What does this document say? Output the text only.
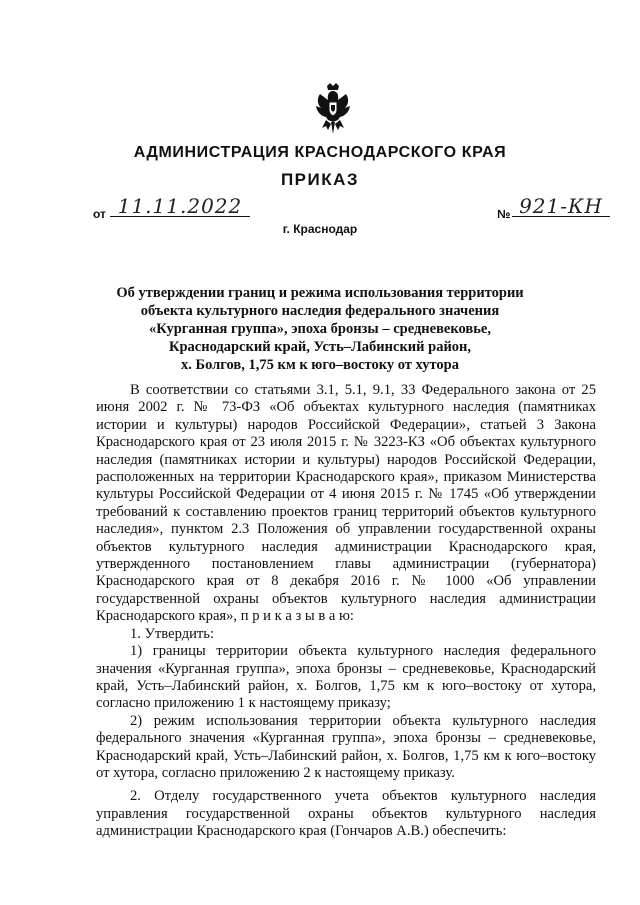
АДМИНИСТРАЦИЯ КРАСНОДАРСКОГО КРАЯ
ПРИКАЗ
от 11.11.2022	№ 921-КН
г. Краснодар
Об утверждении границ и режима использования территории
объекта культурного наследия федерального значения
«Курганная группа», эпоха бронзы – средневековье,
Краснодарский край, Усть–Лабинский район,
х. Болгов, 1,75 км к юго–востоку от хутора

В соответствии со статьями 3.1, 5.1, 9.1, 33 Федерального закона от 25 июня 2002 г. № 73-ФЗ «Об объектах культурного наследия (памятниках истории и культуры) народов Российской Федерации», статьей 3 Закона Краснодарского края от 23 июля 2015 г. № 3223-КЗ «Об объектах культурного наследия (памятниках истории и культуры) народов Российской Федерации, расположенных на территории Краснодарского края», приказом Министерства культуры Российской Федерации от 4 июня 2015 г. № 1745 «Об утверждении требований к составлению проектов границ территорий объектов культурного наследия», пунктом 2.3 Положения об управлении государственной охраны объектов культурного наследия администрации Краснодарского края, утвержденного постановлением главы администрации (губернатора) Краснодарского края от 8 декабря 2016 г. № 1000 «Об управлении государственной охраны объектов культурного наследия администрации Краснодарского края», п р и к а з ы в а ю:

1. Утвердить:

1) границы территории объекта культурного наследия федерального значения «Курганная группа», эпоха бронзы – средневековье, Краснодарский край, Усть–Лабинский район, х. Болгов, 1,75 км к юго–востоку от хутора, согласно приложению 1 к настоящему приказу;

2) режим использования территории объекта культурного наследия федерального значения «Курганная группа», эпоха бронзы – средневековье, Краснодарский край, Усть–Лабинский район, х. Болгов, 1,75 км к юго–востоку от хутора, согласно приложению 2 к настоящему приказу.

2. Отделу государственного учета объектов культурного наследия управления государственной охраны объектов культурного наследия администрации Краснодарского края (Гончаров А.В.) обеспечить:
